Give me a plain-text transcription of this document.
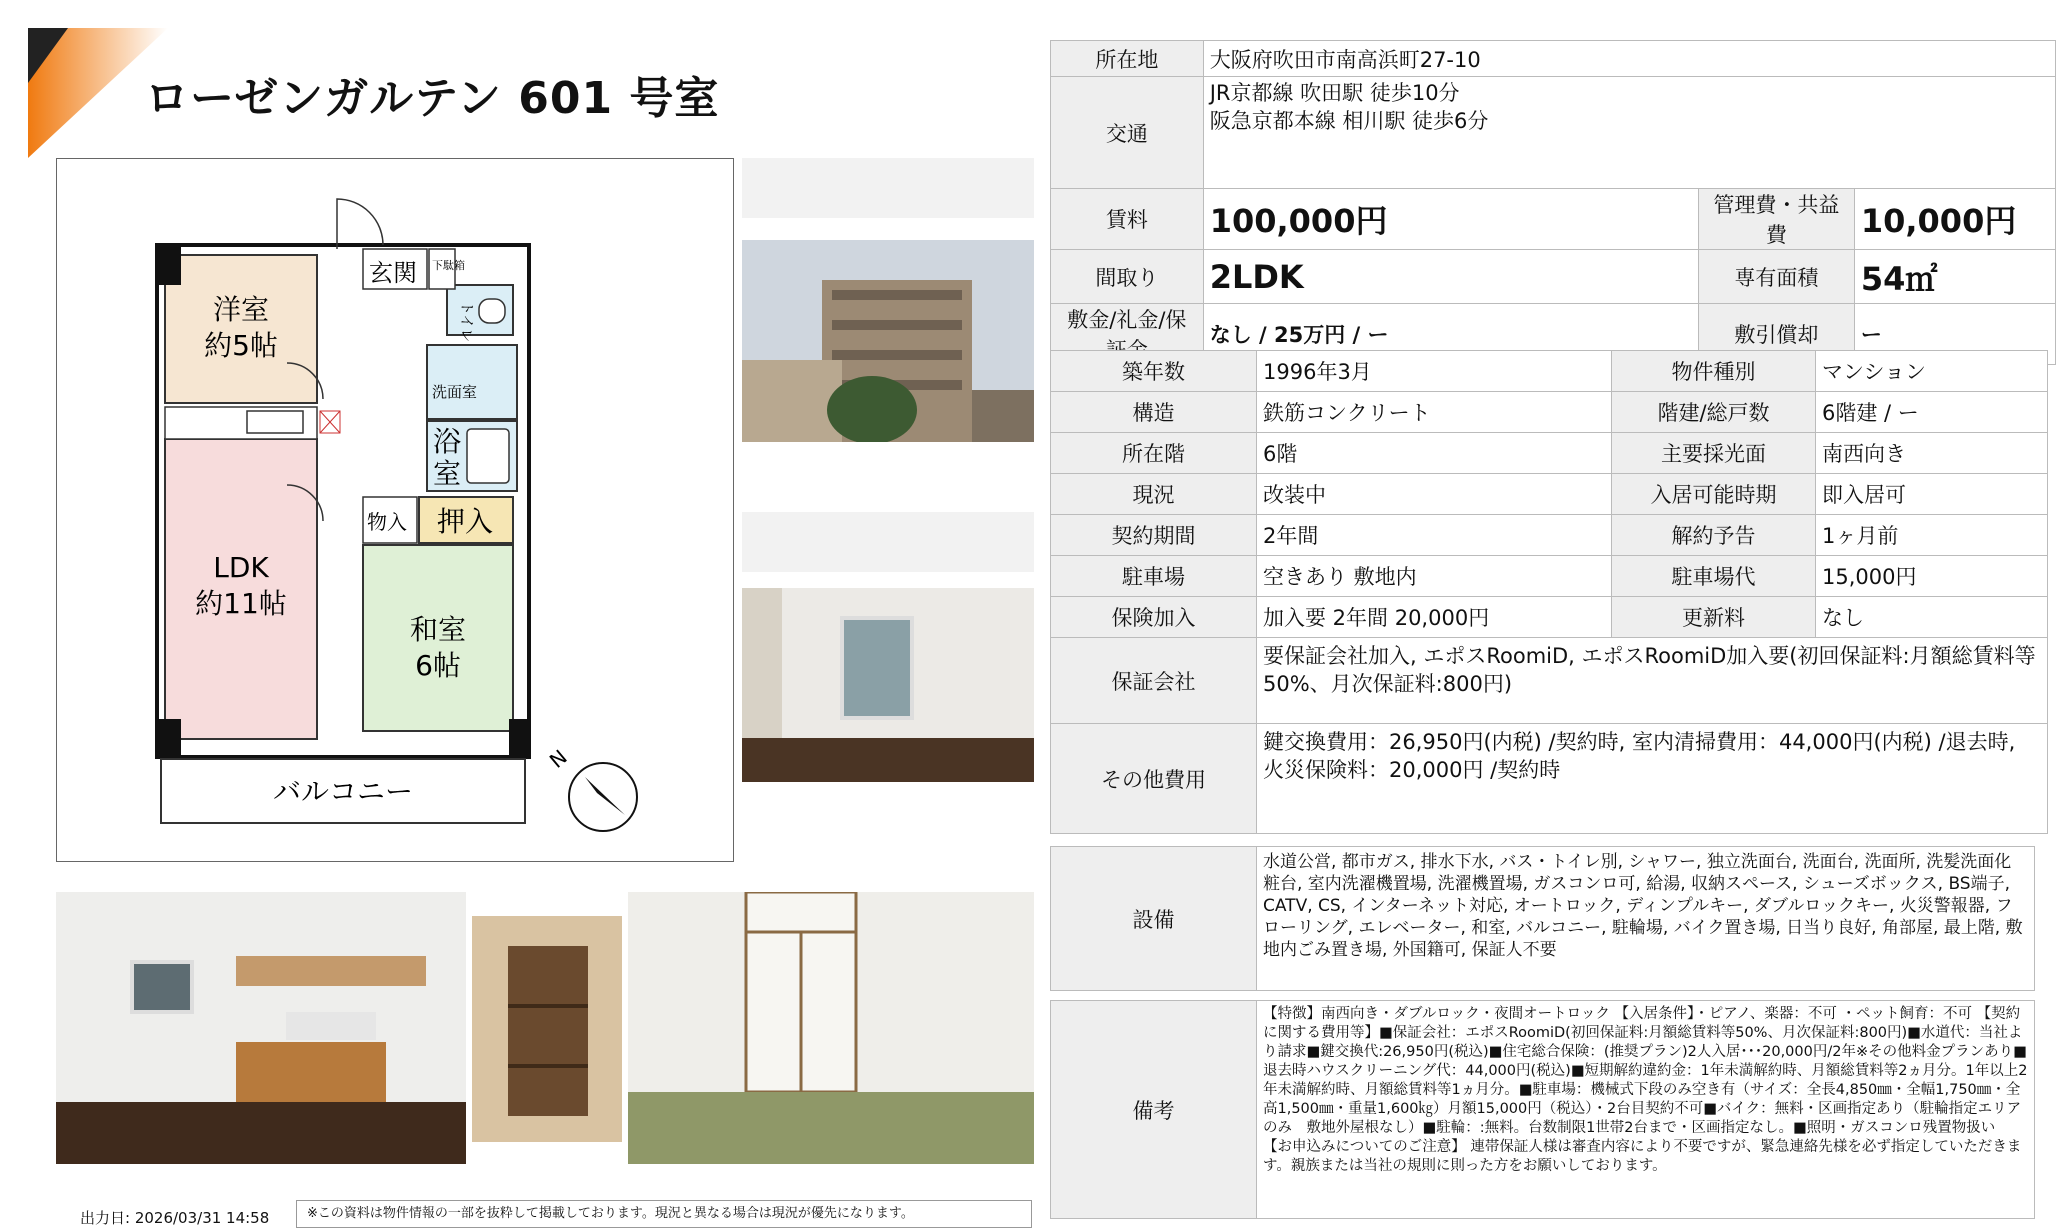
ローゼンガルテン 601 号室
洋室
約5帖
玄関 下駄箱
トイレ
洗面室
浴
室
物入 押入
LDK
約11帖
和室
6帖
バルコニー
N
出力日: 2026/03/31 14:58	※この資料は物件情報の一部を抜粋して掲載しております。現況と異なる場合は現況が優先になります。
所在地	大阪府吹田市南高浜町27-10		
交通	JR京都線 吹田駅 徒歩10分
阪急京都本線 相川駅 徒歩6分		

賃料	100,000円	管理費・共益費	10,000円
間取り	2LDK	専有面積	54㎡
敷金/礼金/保	なし / 25万円 / ー	敷引償却	ー
築年数	1996年3月	物件種別	マンション
構造	鉄筋コンクリート	階建/総戸数	6階建 / ー
所在階	6階	主要採光面	南西向き
現況	改装中	入居可能時期	即入居可
契約期間	2年間	解約予告	1ヶ月前
駐車場	空きあり 敷地内	駐車場代	15,000円
保険加入	加入要 2年間 20,000円	更新料	なし
保証会社	要保証会社加入, エポスRoomiD, エポスRoomiD加入要(初回保証料:月額総賃料等50%、月次保証料:800円)		
その他費用	鍵交換費用：26,950円(内税) /契約時, 室内清掃費用：44,000円(内税) /退去時, 火災保険料：20,000円 /契約時		
設備	水道公営, 都市ガス, 排水下水, バス・トイレ別, シャワー, 独立洗面台, 洗面台, 洗面所, 洗髪洗面化粧台, 室内洗濯機置場, 洗濯機置場, ガスコンロ可, 給湯, 収納スペース, シューズボックス, BS端子, CATV, CS, インターネット対応, オートロック, ディンプルキー, ダブルロックキー, 火災警報器, フローリング, エレベーター, 和室, バルコニー, 駐輪場, バイク置き場, 日当り良好, 角部屋, 最上階, 敷地内ごみ置き場, 外国籍可, 保証人不要
備考	【特徴】南西向き・ダブルロック・夜間オートロック 【入居条件】・ピアノ、楽器：不可 ・ペット飼育：不可 【契約に関する費用等】■保証会社：エポスRoomiD(初回保証料:月額総賃料等50%、月次保証料:800円)■水道代：当社より請求■鍵交換代:26,950円(税込)■住宅総合保険：(推奨プラン)2人入居･･･20,000円/2年※その他料金プランあり■退去時ハウスクリーニング代：44,000円(税込)■短期解約違約金：1年未満解約時、月額総賃料等2ヵ月分。1年以上2年未満解約時、月額総賃料等1ヵ月分。■駐車場：機械式下段のみ空き有（サイズ：全長4,850㎜・全幅1,750㎜・全高1,500㎜・重量1,600㎏）月額15,000円（税込）・2台目契約不可■バイク：無料・区画指定あり（駐輪指定エリアのみ　敷地外屋根なし）■駐輪：:無料。台数制限1世帯2台まで・区画指定なし。■照明・ガスコンロ残置物扱い 【お申込みについてのご注意】 連帯保証人様は審査内容により不要ですが、緊急連絡先様を必ず指定していただきます。親族または当社の規則に則った方をお願いしております。
